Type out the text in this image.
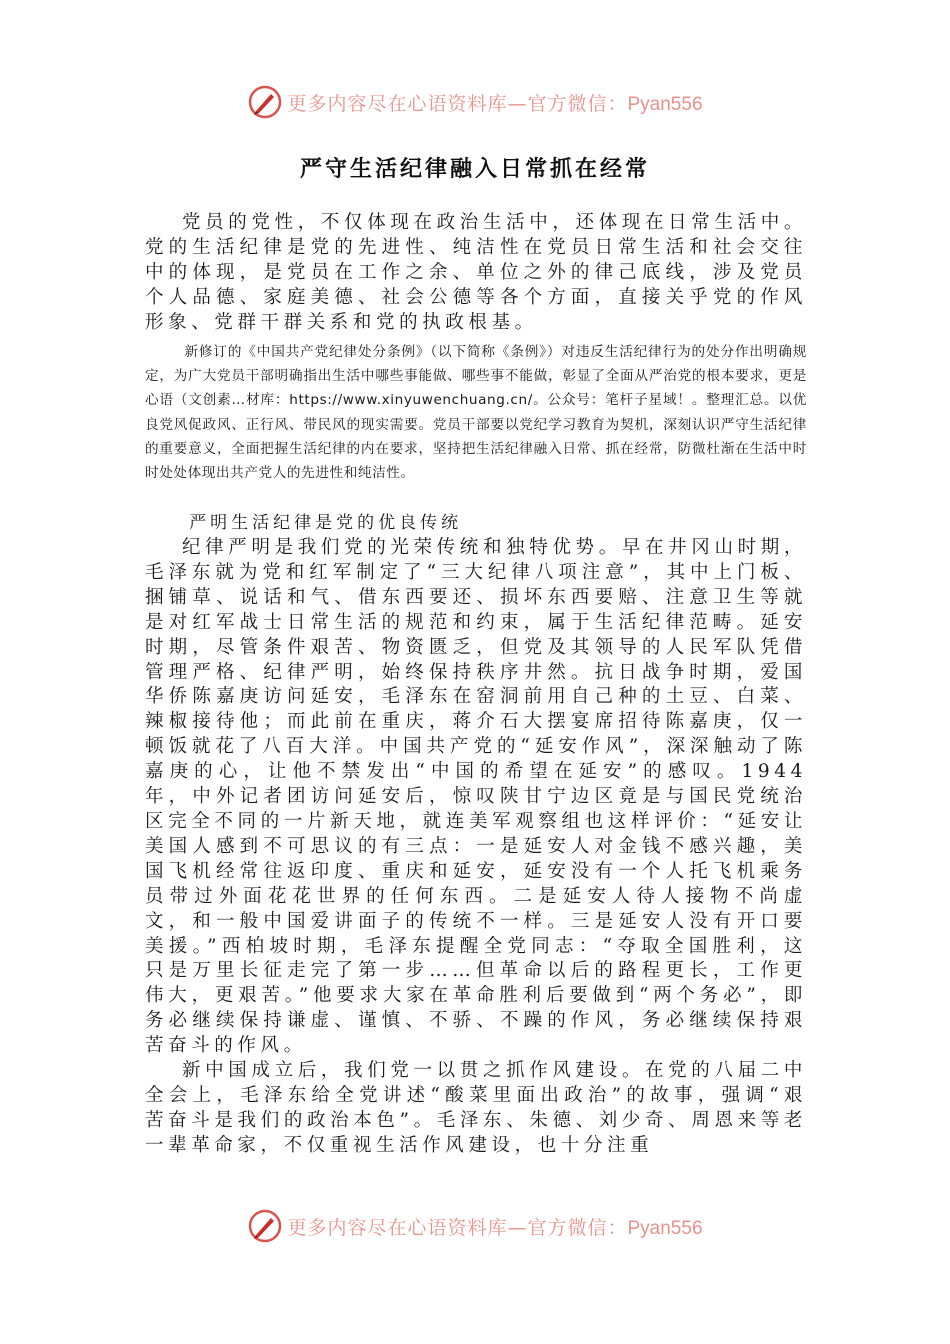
更多内容尽在心语资料库—官方微信：Pyan556
严守生活纪律融入日常抓在经常

党员的党性，不仅体现在政治生活中，还体现在日常生活中。党的生活纪律是党的先进性、纯洁性在党员日常生活和社会交往中的体现，是党员在工作之余、单位之外的律己底线，涉及党员个人品德、家庭美德、社会公德等各个方面，直接关乎党的作风形象、党群干群关系和党的执政根基。

新修订的《中国共产党纪律处分条例》（以下简称《条例》）对违反生活纪律行为的处分作出明确规定，为广大党员干部明确指出生活中哪些事能做、哪些事不能做，彰显了全面从严治党的根本要求，更是心语（文创素…材库：https://www.xinyuwenchuang.cn/。公众号：笔杆子星域！。整理汇总。以优良党风促政风、正行风、带民风的现实需要。党员干部要以党纪学习教育为契机，深刻认识严守生活纪律的重要意义，全面把握生活纪律的内在要求，坚持把生活纪律融入日常、抓在经常，防微杜渐在生活中时时处处体现出共产党人的先进性和纯洁性。

严明生活纪律是党的优良传统

纪律严明是我们党的光荣传统和独特优势。早在井冈山时期，毛泽东就为党和红军制定了“三大纪律八项注意”，其中上门板、捆铺草、说话和气、借东西要还、损坏东西要赔、注意卫生等就是对红军战士日常生活的规范和约束，属于生活纪律范畴。延安时期，尽管条件艰苦、物资匮乏，但党及其领导的人民军队凭借管理严格、纪律严明，始终保持秩序井然。抗日战争时期，爱国华侨陈嘉庚访问延安，毛泽东在窑洞前用自己种的土豆、白菜、辣椒接待他；而此前在重庆，蒋介石大摆宴席招待陈嘉庚，仅一顿饭就花了八百大洋。中国共产党的“延安作风”，深深触动了陈嘉庚的心，让他不禁发出“中国的希望在延安”的感叹。1944年，中外记者团访问延安后，惊叹陕甘宁边区竟是与国民党统治区完全不同的一片新天地，就连美军观察组也这样评价：“延安让美国人感到不可思议的有三点：一是延安人对金钱不感兴趣，美国飞机经常往返印度、重庆和延安，延安没有一个人托飞机乘务员带过外面花花世界的任何东西。二是延安人待人接物不尚虚文，和一般中国爱讲面子的传统不一样。三是延安人没有开口要美援。”西柏坡时期，毛泽东提醒全党同志：“夺取全国胜利，这只是万里长征走完了第一步……但革命以后的路程更长，工作更伟大，更艰苦。”他要求大家在革命胜利后要做到“两个务必”，即务必继续保持谦虚、谨慎、不骄、不躁的作风，务必继续保持艰苦奋斗的作风。

新中国成立后，我们党一以贯之抓作风建设。在党的八届二中全会上，毛泽东给全党讲述“酸菜里面出政治”的故事，强调“艰苦奋斗是我们的政治本色”。毛泽东、朱德、刘少奇、周恩来等老一辈革命家，不仅重视生活作风建设，也十分注重

更多内容尽在心语资料库—官方微信：Pyan556
